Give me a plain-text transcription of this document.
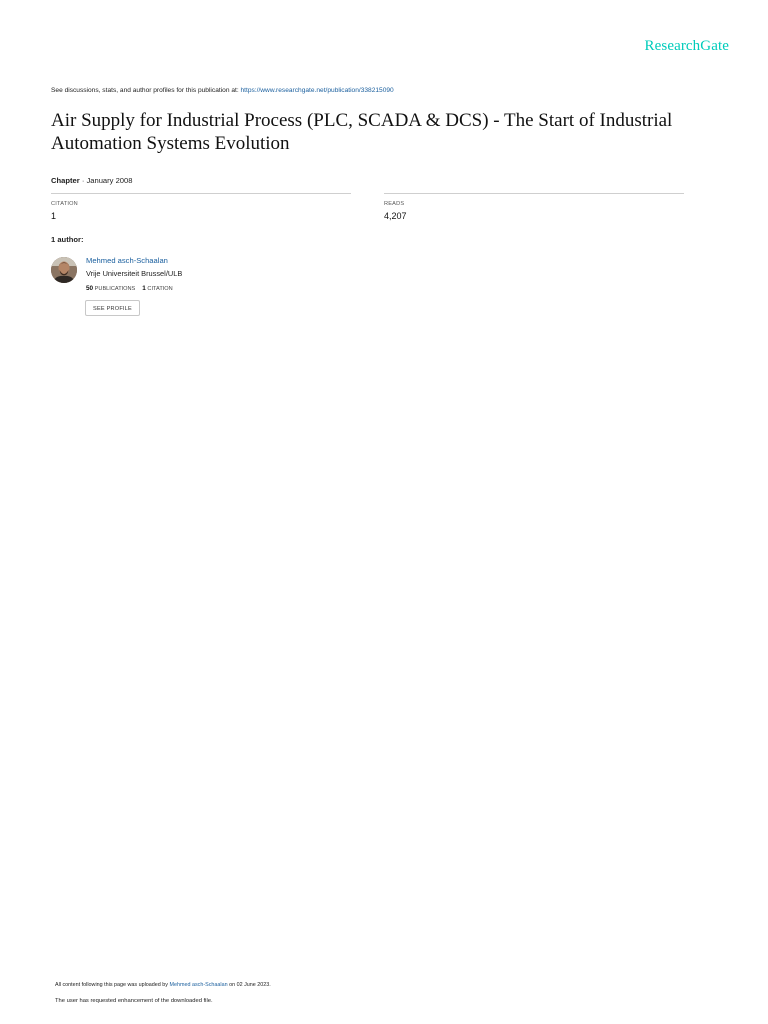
ResearchGate
See discussions, stats, and author profiles for this publication at: https://www.researchgate.net/publication/338215090
Air Supply for Industrial Process (PLC, SCADA & DCS) - The Start of Industrial Automation Systems Evolution
Chapter · January 2008
CITATION
1
READS
4,207
1 author:
Mehmed asch-Schaalan
Vrije Universiteit Brussel/ULB
50 PUBLICATIONS 1 CITATION
SEE PROFILE
All content following this page was uploaded by Mehmed asch-Schaalan on 02 June 2023.
The user has requested enhancement of the downloaded file.
